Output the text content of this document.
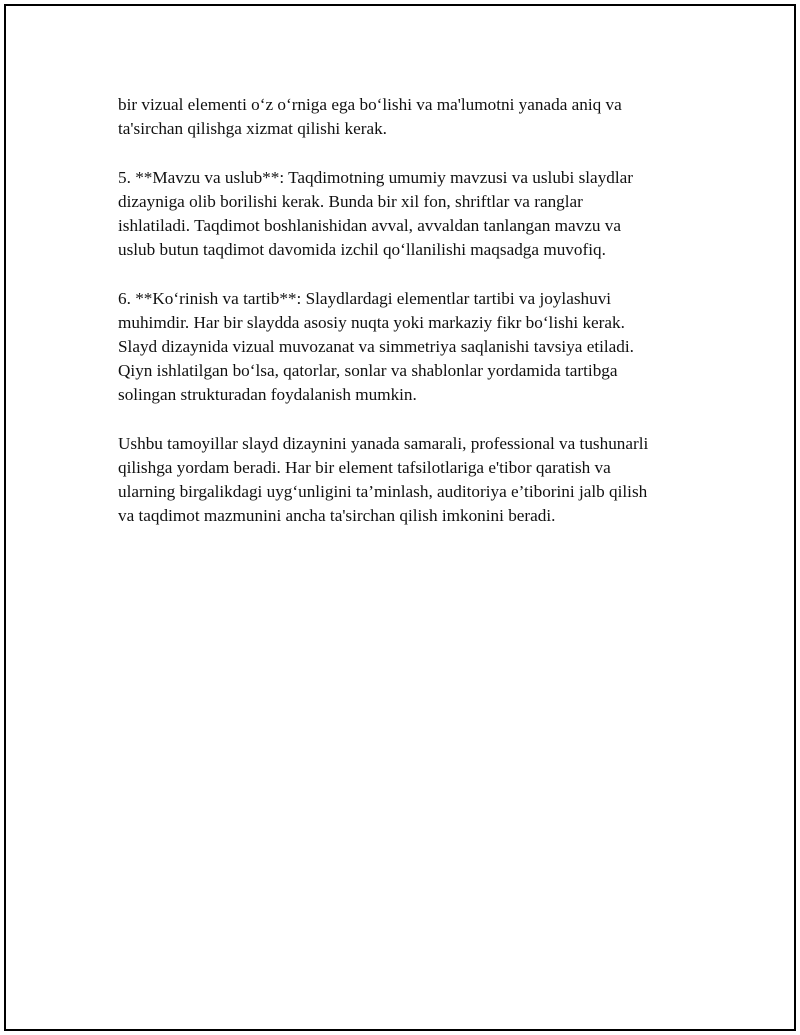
bir vizual elementi o‘z o‘rniga ega bo‘lishi va ma'lumotni yanada aniq va
ta'sirchan qilishga xizmat qilishi kerak.

5. **Mavzu va uslub**: Taqdimotning umumiy mavzusi va uslubi slaydlar
dizayniga olib borilishi kerak. Bunda bir xil fon, shriftlar va ranglar
ishlatiladi. Taqdimot boshlanishidan avval, avvaldan tanlangan mavzu va
uslub butun taqdimot davomida izchil qo‘llanilishi maqsadga muvofiq.

6. **Ko‘rinish va tartib**: Slaydlardagi elementlar tartibi va joylashuvi
muhimdir. Har bir slaydda asosiy nuqta yoki markaziy fikr bo‘lishi kerak.
Slayd dizaynida vizual muvozanat va simmetriya saqlanishi tavsiya etiladi.
Qiyn ishlatilgan bo‘lsa, qatorlar, sonlar va shablonlar yordamida tartibga
solingan strukturadan foydalanish mumkin.

Ushbu tamoyillar slayd dizaynini yanada samarali, professional va tushunarli
qilishga yordam beradi. Har bir element tafsilotlariga e'tibor qaratish va
ularning birgalikdagi uyg‘unligini ta’minlash, auditoriya e’tiborini jalb qilish
va taqdimot mazmunini ancha ta'sirchan qilish imkonini beradi.
